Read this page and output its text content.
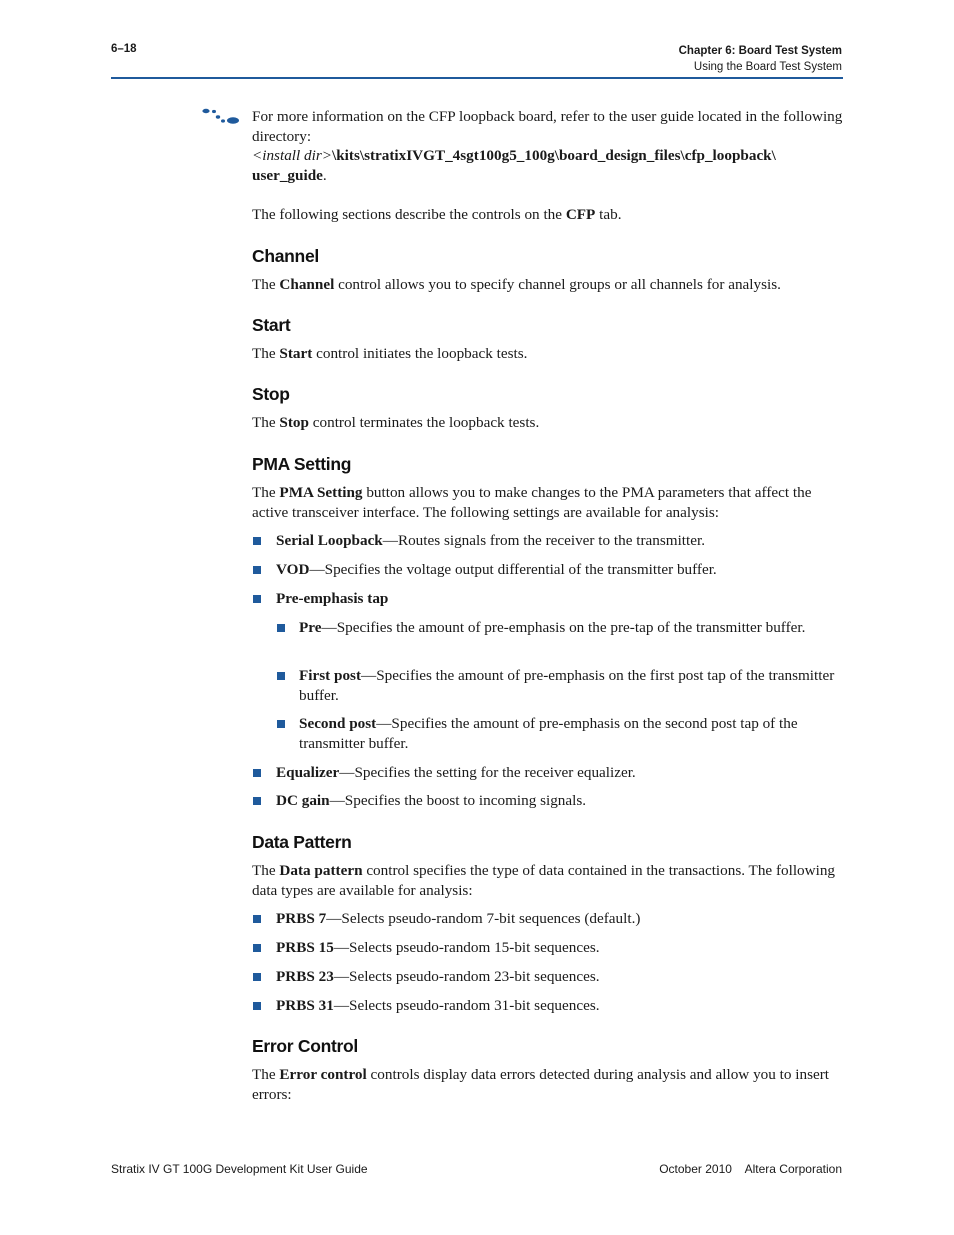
6–18	Chapter 6: Board Test System
Using the Board Test System

For more information on the CFP loopback board, refer to the user guide located in the following directory:
<install dir>\kits\stratixIVGT_4sgt100g5_100g\board_design_files\cfp_loopback\ user_guide.

The following sections describe the controls on the CFP tab.

Channel

The Channel control allows you to specify channel groups or all channels for analysis.

Start

The Start control initiates the loopback tests.

Stop

The Stop control terminates the loopback tests.

PMA Setting

The PMA Setting button allows you to make changes to the PMA parameters that affect the active transceiver interface. The following settings are available for analysis:

Serial Loopback—Routes signals from the receiver to the transmitter.
VOD—Specifies the voltage output differential of the transmitter buffer.
Pre-emphasis tap
Pre—Specifies the amount of pre-emphasis on the pre-tap of the transmitter buffer.
First post—Specifies the amount of pre-emphasis on the first post tap of the transmitter buffer.
Second post—Specifies the amount of pre-emphasis on the second post tap of the transmitter buffer.
Equalizer—Specifies the setting for the receiver equalizer.
DC gain—Specifies the boost to incoming signals.
Data Pattern

The Data pattern control specifies the type of data contained in the transactions. The following data types are available for analysis:

PRBS 7—Selects pseudo-random 7-bit sequences (default.)
PRBS 15—Selects pseudo-random 15-bit sequences.
PRBS 23—Selects pseudo-random 23-bit sequences.
PRBS 31—Selects pseudo-random 31-bit sequences.
Error Control

The Error control controls display data errors detected during analysis and allow you to insert errors:

Stratix IV GT 100G Development Kit User Guide	October 2010    Altera Corporation
